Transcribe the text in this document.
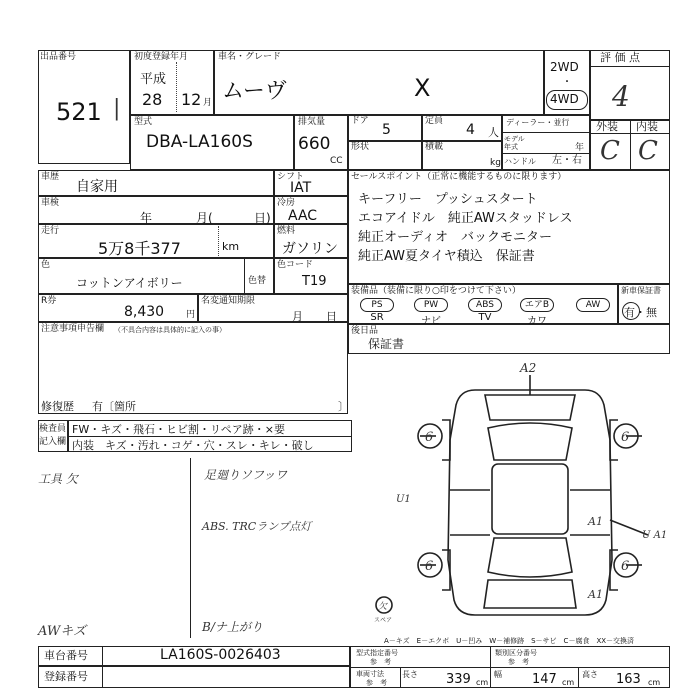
出品番号
521 |
初度登録年月
平成
28 12 月
車名・グレード
ムーヴ	X
2WD
・
4WD
評 価 点
4
外装 内装
C C
型式
DBA-LA160S
排気量
660
CC
ドア
5
定員
4 人
形状	積載
kg
ディーラー・並行
モデル
年式	年
ハンドル 左・右
車歴
自家用
車検
年	月(	日)
走行
5万8千377	km
色
コットンアイボリー	色替
シフト
IAT
冷房
AAC
燃料
ガソリン
色コード
T19
R券
8,430 円
名変通知期限
月 日
注意事項申告欄 （不具合内容は具体的に記入の事）
修復歴 有〔箇所	〕
セールスポイント（正常に機能するものに限ります）
キーフリー　プッシュスタート
エコアイドル　純正AWスタッドレス
純正オーディオ　バックモニター
純正AW夏タイヤ積込　保証書
装備品（装備に限り○印をつけて下さい）
PS
SR
PW
ナビ
ABS
TV
エアB
カワ
AW
新車保証書
有・無
後日品
保証書
検査員
記入欄
FW・キズ・飛石・ヒビ割・リペア跡・×要
内装　キズ・汚れ・コゲ・穴・スレ・キレ・破し
工具 欠	足廻りソフッワ
ABS. TRCランプ点灯
AWキズ	B/ナ上がり
A2
U1
A1
U A1
A1
6	6
6	6
欠
スペア
A－キズ　E－エクボ　U－凹み　W－補修跡　S－サビ　C－腐食　XX－交換済
車台番号	LA160S-0026403
登録番号
型式指定番号
参　考
類別区分番号
参　考
車両寸法
参　考
長さ 339 cm
幅 147 cm
高さ 163 cm
